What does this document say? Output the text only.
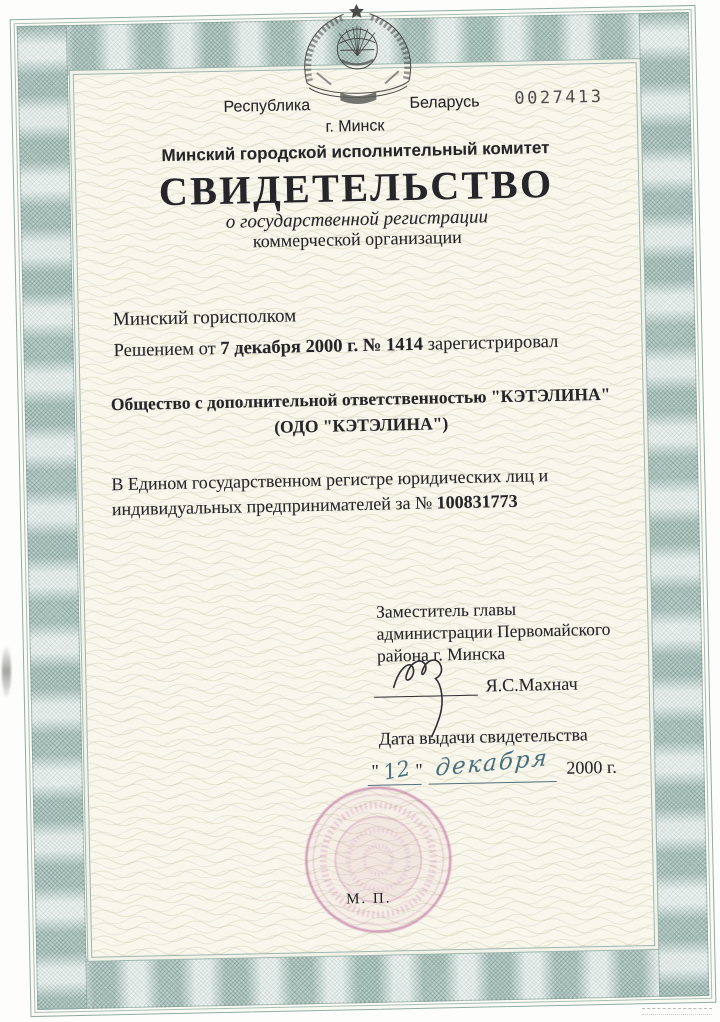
Республика	Беларусь 0027413
г. Минск
Минский городской исполнительный комитет
СВИДЕТЕЛЬСТВО
о государственной регистрации
коммерческой организации
Минский горисполком
Решением от 7 декабря 2000 г. № 1414 зарегистрировал
Общество с дополнительной ответственностью "КЭТЭЛИНА"
(ОДО "КЭТЭЛИНА")
В Едином государственном регистре юридических лиц и
индивидуальных предпринимателей за № 100831773
Заместитель главы
администрации Первомайского
района г. Минска
Я.С.Махнач
Дата выдачи свидетельства
" 12 " декабря 2000 г.
М. П.
